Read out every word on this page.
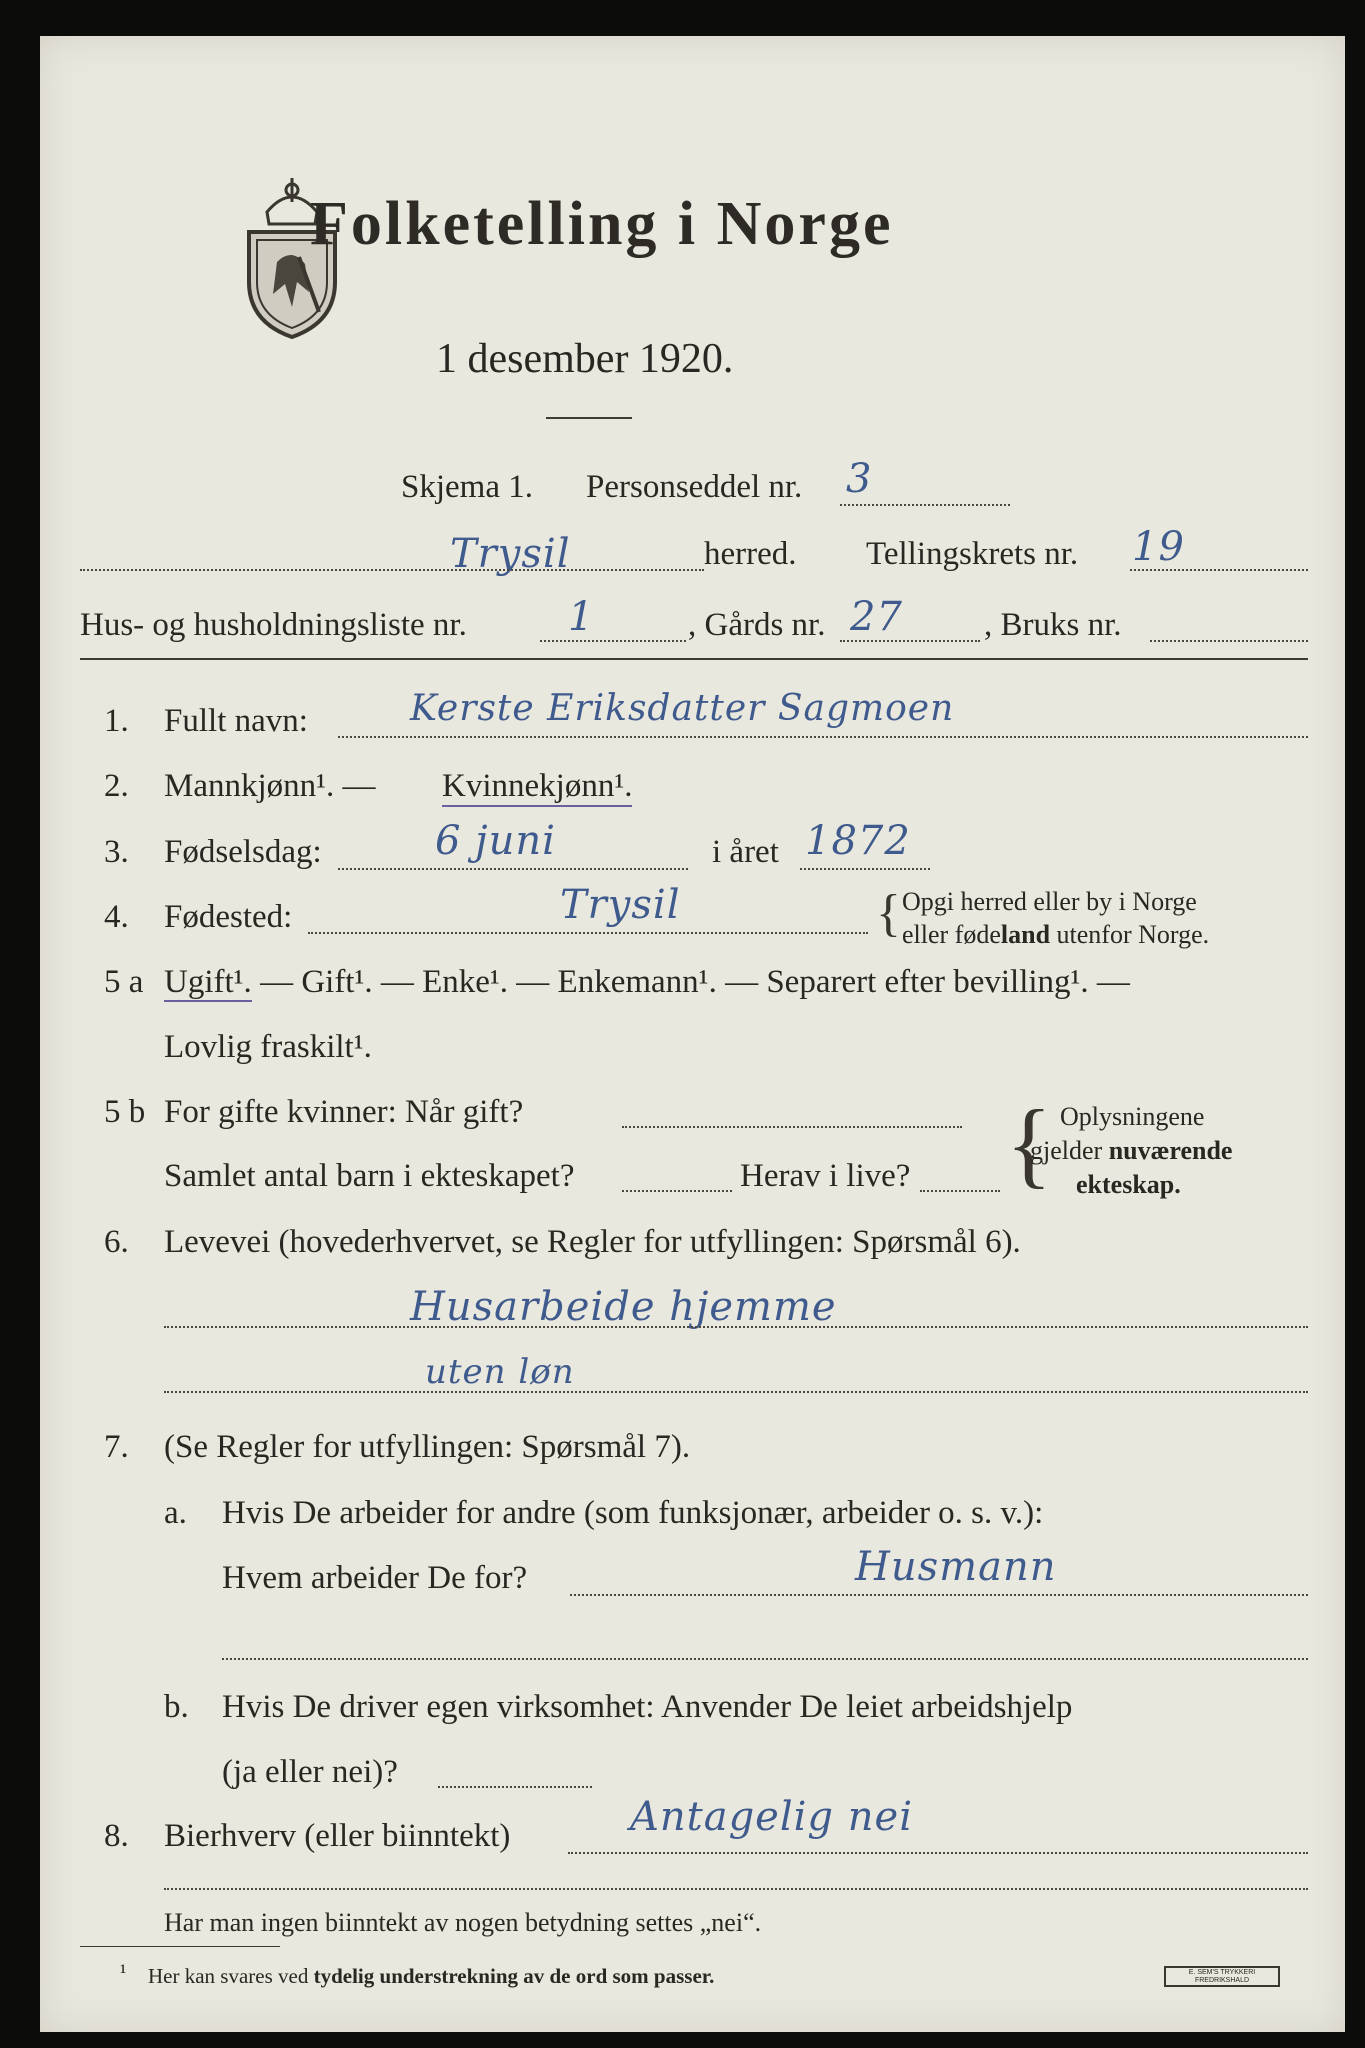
Folketelling i Norge
1 desember 1920.
Skjema 1. Personseddel nr. 3
Trysil	herred. Tellingskrets nr. 19
Hus- og husholdningsliste nr.	1	, Gårds nr. 27 , Bruks nr.
1. Fullt navn:	Kerste Eriksdatter Sagmoen
2. Mannkjønn¹. — Kvinnekjønn¹.
3. Fødselsdag:	6 juni	i året 1872
4. Fødested:	Trysil	{ Opgi herred eller by i Norge
eller fødeland utenfor Norge.
5 a Ugift¹. — Gift¹. — Enke¹. — Enkemann¹. — Separert efter bevilling¹. —
Lovlig fraskilt¹.
5 b For gifte kvinner: Når gift?
Samlet antal barn i ekteskapet?	Herav i live? { Oplysningene
gjelder nuværende
ekteskap.
6. Levevei (hovederhvervet, se Regler for utfyllingen: Spørsmål 6).
Husarbeide hjemme
uten løn
7. (Se Regler for utfyllingen: Spørsmål 7).
a. Hvis De arbeider for andre (som funksjonær, arbeider o. s. v.):
Hvem arbeider De for?	Husmann
b. Hvis De driver egen virksomhet: Anvender De leiet arbeidshjelp
(ja eller nei)?
8. Bierhverv (eller biinntekt)	Antagelig nei
Har man ingen biinntekt av nogen betydning settes „nei“.
¹ Her kan svares ved tydelig understrekning av de ord som passer.	E. SEM'S TRYKKERI
FREDRIKSHALD
